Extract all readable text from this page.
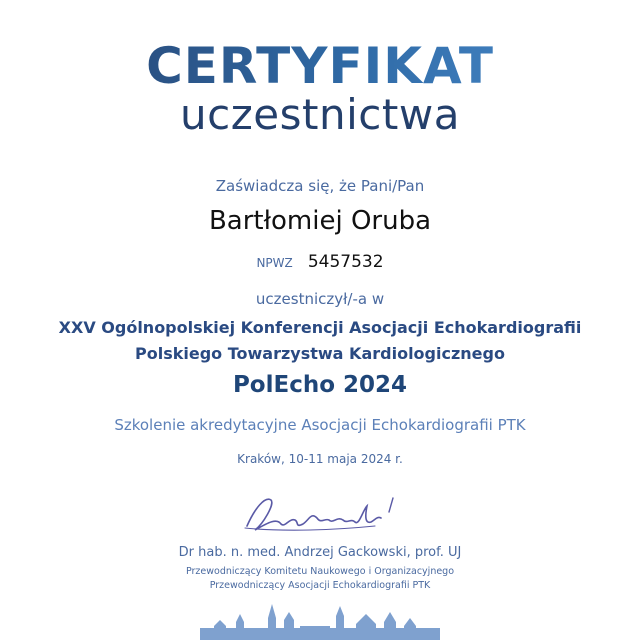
CERTYFIKAT
uczestnictwa
Zaświadcza się, że Pani/Pan
Bartłomiej Oruba
NPWZ 5457532
uczestniczył/-a w
XXV Ogólnopolskiej Konferencji Asocjacji Echokardiografii
Polskiego Towarzystwa Kardiologicznego
PolEcho 2024
Szkolenie akredytacyjne Asocjacji Echokardiografii PTK
Kraków, 10-11 maja 2024 r.
Dr hab. n. med. Andrzej Gackowski, prof. UJ
Przewodniczący Komitetu Naukowego i Organizacyjnego
Przewodniczący Asocjacji Echokardiografii PTK
